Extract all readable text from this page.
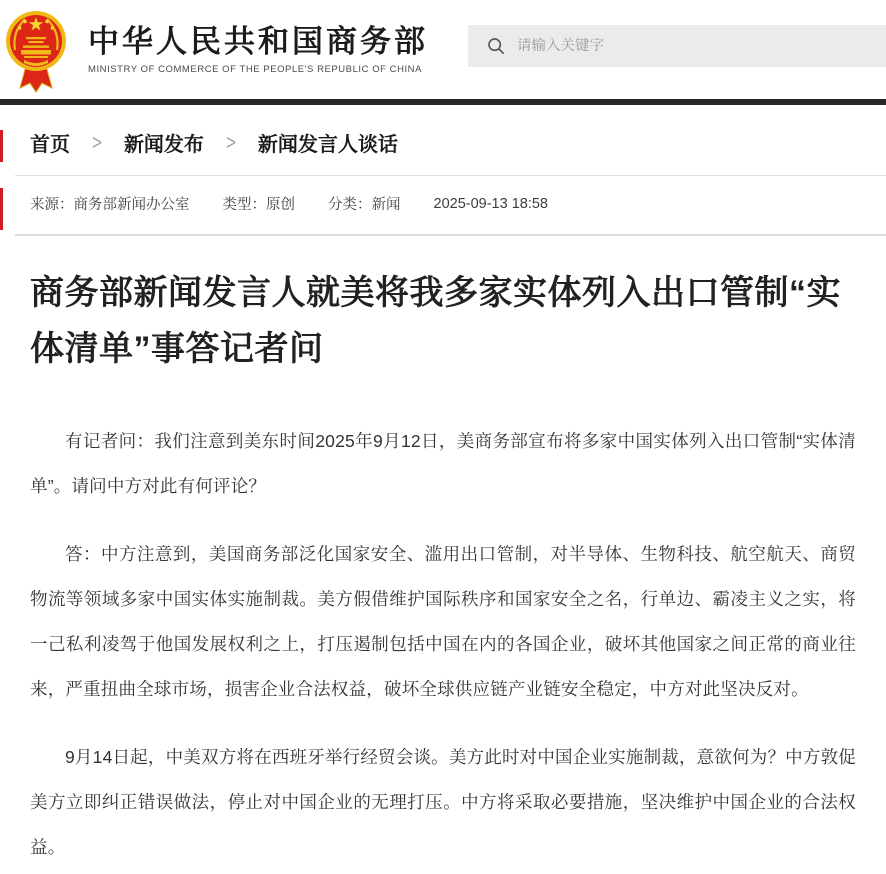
中华人民共和国商务部
MINISTRY OF COMMERCE OF THE PEOPLE'S REPUBLIC OF CHINA
请输入关键字
首页 > 新闻发布 > 新闻发言人谈话
来源：商务部新闻办公室 类型：原创 分类：新闻 2025-09-13 18:58
商务部新闻发言人就美将我多家实体列入出口管制“实体清单”事答记者问

有记者问：我们注意到美东时间2025年9月12日，美商务部宣布将多家中国实体列入出口管制“实体清单”。请问中方对此有何评论？

答：中方注意到，美国商务部泛化国家安全、滥用出口管制，对半导体、生物科技、航空航天、商贸物流等领域多家中国实体实施制裁。美方假借维护国际秩序和国家安全之名，行单边、霸凌主义之实，将一己私利凌驾于他国发展权利之上，打压遏制包括中国在内的各国企业，破坏其他国家之间正常的商业往来，严重扭曲全球市场，损害企业合法权益，破坏全球供应链产业链安全稳定，中方对此坚决反对。

9月14日起，中美双方将在西班牙举行经贸会谈。美方此时对中国企业实施制裁，意欲何为？中方敦促美方立即纠正错误做法，停止对中国企业的无理打压。中方将采取必要措施，坚决维护中国企业的合法权益。
